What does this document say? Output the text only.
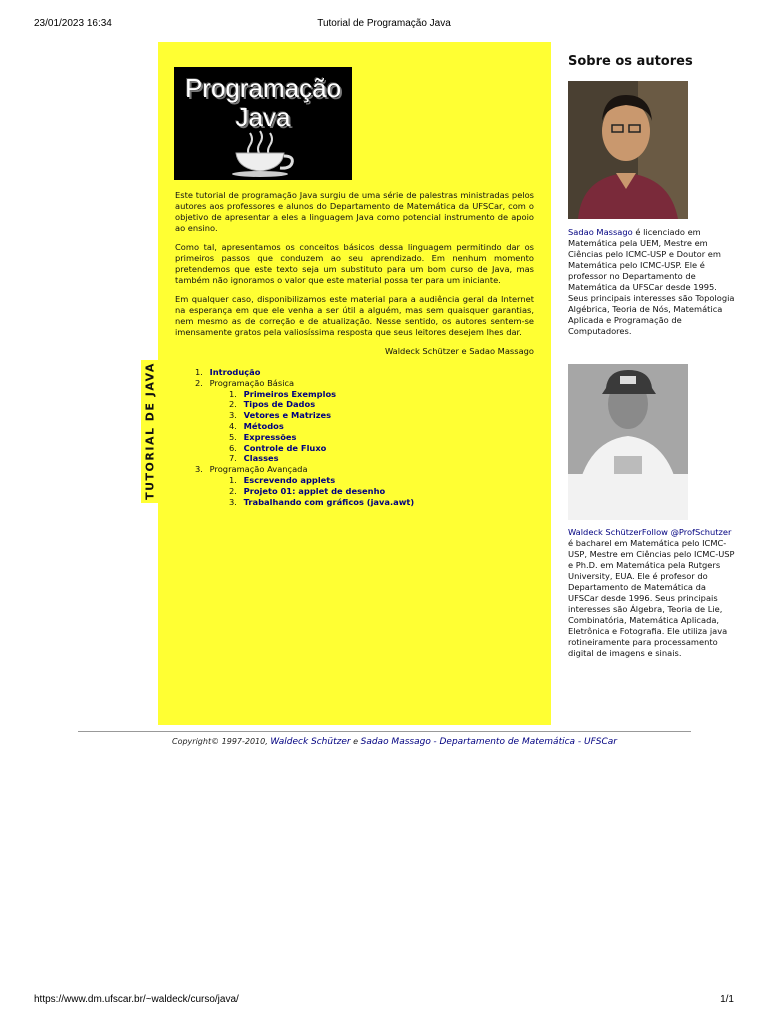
23/01/2023 16:34	Tutorial de Programação Java
TUTORIAL DE JAVA
Programação
Java

Este tutorial de programação Java surgiu de uma série de palestras ministradas pelos autores aos professores e alunos do Departamento de Matemática da UFSCar, com o objetivo de apresentar a eles a linguagem Java como potencial instrumento de apoio ao ensino.

Como tal, apresentamos os conceitos básicos dessa linguagem permitindo dar os primeiros passos que conduzem ao seu aprendizado. Em nenhum momento pretendemos que este texto seja um substituto para um bom curso de Java, mas também não ignoramos o valor que este material possa ter para um iniciante.

Em qualquer caso, disponibilizamos este material para a audiência geral da Internet na esperança em que ele venha a ser útil a alguém, mas sem quaisquer garantias, nem mesmo as de correção e de atualização. Nesse sentido, os autores sentem-se imensamente gratos pela valiosíssima resposta que seus leitores desejem lhes dar.

Waldeck Schützer e Sadao Massago
1. Introdução
2. Programação Básica
1. Primeiros Exemplos
2. Tipos de Dados
3. Vetores e Matrizes
4. Métodos
5. Expressões
6. Controle de Fluxo
7. Classes
3. Programação Avançada
1. Escrevendo applets
2. Projeto 01: applet de desenho
3. Trabalhando com gráficos (java.awt)
Copyright© 1997-2010, Waldeck Schützer e Sadao Massago - Departamento de Matemática - UFSCar
Sobre os autores
Sadao Massago é licenciado em Matemática pela UEM, Mestre em Ciências pelo ICMC-USP e Doutor em Matemática pelo ICMC-USP. Ele é professor no Departamento de Matemática da UFSCar desde 1995. Seus principais interesses são Topologia Algébrica, Teoria de Nós, Matemática Aplicada e Programação de Computadores.
Waldeck SchützerFollow @ProfSchutzer
é bacharel em Matemática pelo ICMC-USP, Mestre em Ciências pelo ICMC-USP e Ph.D. em Matemática pela Rutgers University, EUA. Ele é profesor do Departamento de Matemática da UFSCar desde 1996. Seus principais interesses são Álgebra, Teoria de Lie, Combinatória, Matemática Aplicada, Eletrônica e Fotografia. Ele utiliza java rotineiramente para processamento digital de imagens e sinais.
https://www.dm.ufscar.br/~waldeck/curso/java/	1/1
